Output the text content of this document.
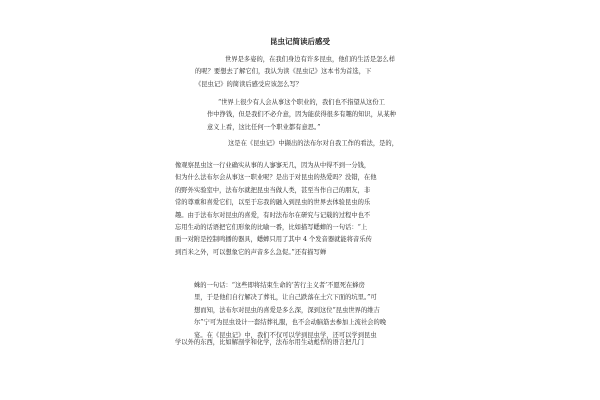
昆虫记简读后感受
世界是多姿的，在我们身边有许多昆虫，他们的生活是怎么样
的呢？要想去了解它们，我认为读《昆虫记》这本书为首选，下
《昆虫记》的简读后感受应该怎么写？
“世界上很少有人会从事这个职业的，我们也不指望从这份工
作中挣钱，但是我们不必介意，因为能获得很多有趣的知识，从某种
意义上看，这比任何一个职业都有意思。”
这是在《昆虫记》中撷出的法布尔对自我工作的看法，是的，
像观察昆虫这一行业确实从事的人寥寥无几，因为从中得不到一分钱，
但为什么法布尔会从事这一职业呢？是出于对昆虫的热爱吗？没错，在他
的野外实验室中，法布尔就把昆虫当做人类，甚至当作自己的朋友，非
常的尊重和喜爱它们，以至于忘我的融入到昆虫的世界去体验昆虫的乐
趣。由于法布尔对昆虫的喜爱，有时法布尔在研究与记载的过程中也不
忘用生动的话语把它们形象的比喻一番，比如描写蟋蟀的一句话：“上
面一对附是控制鸣播的器具，蟋蟀只用了其中 4 个发音器就能将音乐传
到百米之外，可以想象它的声音多么急促。”还有描写蝉
蛛的一句话：“这些即将结束生命的‘苦行主义者’不愿死在蜂房
里，于是他们自行解决了葬礼，让自己跌落在土穴下面的坑里。”可
想而知，法布尔对昆虫的喜爱是多么深，深到这位“昆虫世界的维吉
尔”宁可为昆虫设计一套结葬礼服，也不会动脑筋去参加上流社会的晚
宴。在《昆虫记》中，我们不仅可以学到昆虫学，还可以学到昆虫
学以外的东西，比如解剖学和化学，法布尔用生动彪悍的语言把几门
